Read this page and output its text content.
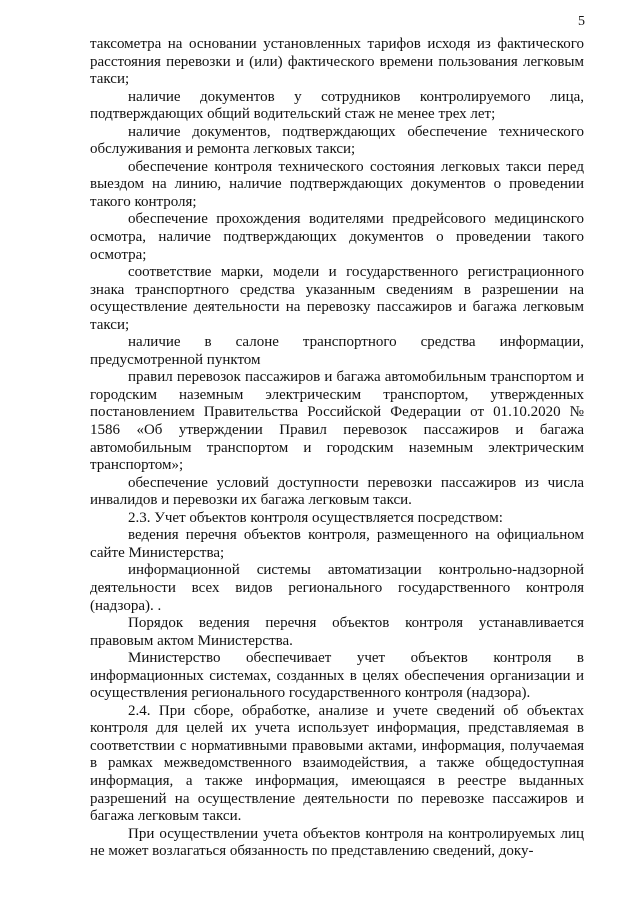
5

таксометра на основании установленных тарифов исходя из фактического расстояния перевозки и (или) фактического времени пользования легковым такси;

наличие документов у сотрудников контролируемого лица, подтверждающих общий водительский стаж не менее трех лет;

наличие документов, подтверждающих обеспечение технического обслуживания и ремонта легковых такси;

обеспечение контроля технического состояния легковых такси перед выездом на линию, наличие подтверждающих документов о проведении такого контроля;

обеспечение прохождения водителями предрейсового медицинского осмотра, наличие подтверждающих документов о проведении такого осмотра;

соответствие марки, модели и государственного регистрационного знака транспортного средства указанным сведениям в разрешении на осуществление деятельности на перевозку пассажиров и багажа легковым такси;

наличие в салоне транспортного средства информации, предусмотренной пунктом

правил перевозок пассажиров и багажа автомобильным транспортом и городским наземным электрическим транспортом, утвержденных постановлением Правительства Российской Федерации от 01.10.2020 № 1586 «Об утверждении Правил перевозок пассажиров и багажа автомобильным транспортом и городским наземным электрическим транспортом»;

обеспечение условий доступности перевозки пассажиров из числа инвалидов и перевозки их багажа легковым такси.

2.3. Учет объектов контроля осуществляется посредством:

ведения перечня объектов контроля, размещенного на официальном сайте Министерства;

информационной системы автоматизации контрольно-надзорной деятельности всех видов регионального государственного контроля (надзора). .

Порядок ведения перечня объектов контроля устанавливается правовым актом Министерства.

Министерство обеспечивает учет объектов контроля в информационных системах, созданных в целях обеспечения организации и осуществления регионального государственного контроля (надзора).

2.4. При сборе, обработке, анализе и учете сведений об объектах контроля для целей их учета использует информация, представляемая в соответствии с нормативными правовыми актами, информация, получаемая в рамках межведомственного взаимодействия, а также общедоступная информация, а также информация, имеющаяся в реестре выданных разрешений на осуществление деятельности по перевозке пассажиров и багажа легковым такси.

При осуществлении учета объектов контроля на контролируемых лиц не может возлагаться обязанность по представлению сведений, доку-
